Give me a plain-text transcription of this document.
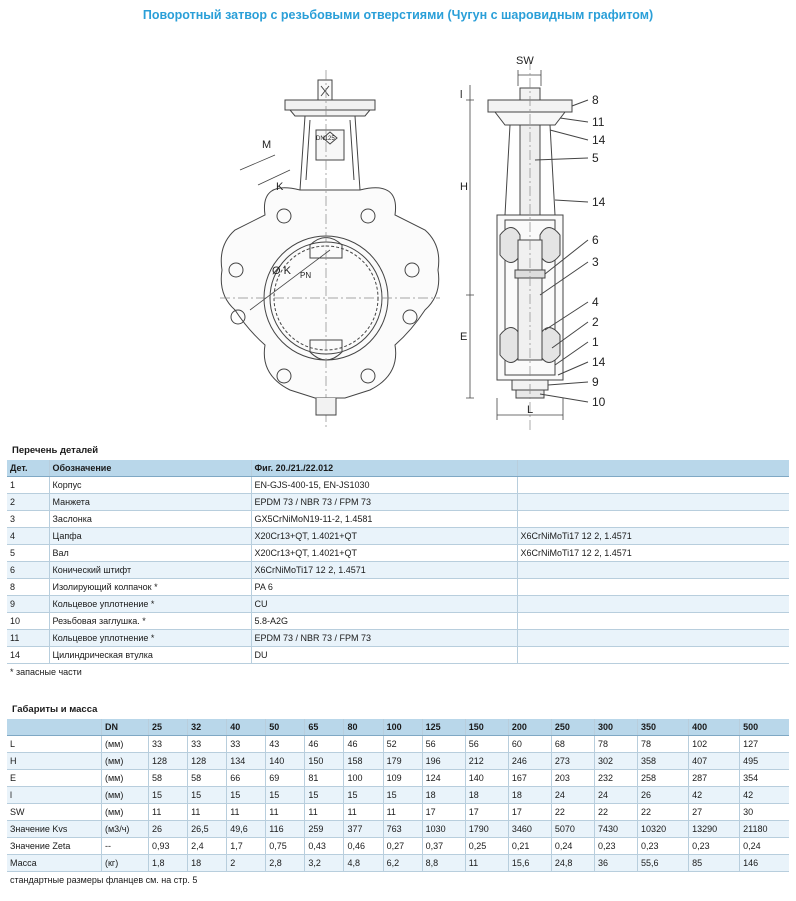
Поворотный затвор с резьбовыми отверстиями (Чугун с шаровидным графитом)
M
K
Ø K PN
DN125
SW
l
H
E
L
8
11
14
5
14
6
3
4
2
1
14
9
10
Перечень деталей
Дет.	Обозначение	Фиг. 20./21./22.012	
1	Корпус	EN-GJS-400-15, EN-JS1030	
2	Манжета	EPDM 73 / NBR 73 / FPM 73	
3	Заслонка	GX5CrNiMoN19-11-2, 1.4581	
4	Цапфа	X20Cr13+QT, 1.4021+QT	X6CrNiMoTi17 12 2, 1.4571
5	Вал	X20Cr13+QT, 1.4021+QT	X6CrNiMoTi17 12 2, 1.4571
6	Конический штифт	X6CrNiMoTi17 12 2, 1.4571	
8	Изолирующий колпачок *	PA 6	
9	Кольцевое уплотнение *	CU	
10	Резьбовая заглушка. *	5.8-A2G	
11	Кольцевое уплотнение *	EPDM 73 / NBR 73 / FPM 73	
14	Цилиндрическая втулка	DU	
* запасные части			
Габариты и масса
	DN	25	32	40	50	65	80	100	125	150	200	250	300	350	400	500
L	(мм)	33	33	33	43	46	46	52	56	56	60	68	78	78	102	127
H	(мм)	128	128	134	140	150	158	179	196	212	246	273	302	358	407	495
E	(мм)	58	58	66	69	81	100	109	124	140	167	203	232	258	287	354
l	(мм)	15	15	15	15	15	15	15	18	18	18	24	24	26	42	42
SW	(мм)	11	11	11	11	11	11	11	17	17	17	22	22	22	27	30
Значение Kvs	(м3/ч)	26	26,5	49,6	116	259	377	763	1030	1790	3460	5070	7430	10320	13290	21180
Значение Zeta	--	0,93	2,4	1,7	0,75	0,43	0,46	0,27	0,37	0,25	0,21	0,24	0,23	0,23	0,23	0,24
Масса	(кг)	1,8	18	2	2,8	3,2	4,8	6,2	8,8	11	15,6	24,8	36	55,6	85	146
стандартные размеры фланцев см. на стр. 5																
